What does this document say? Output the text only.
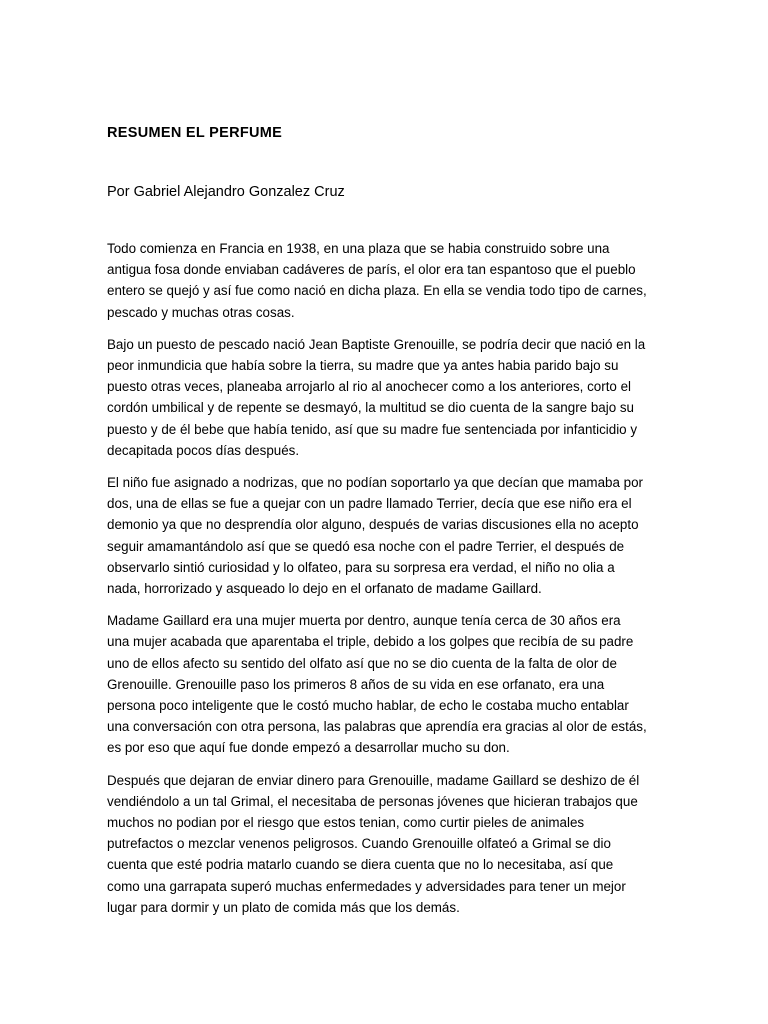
RESUMEN EL PERFUME
Por Gabriel Alejandro Gonzalez Cruz

Todo comienza en Francia en 1938, en una plaza que se habia construido sobre una
antigua fosa donde enviaban cadáveres de parís, el olor era tan espantoso que el pueblo
entero se quejó y así fue como nació en dicha plaza. En ella se vendia todo tipo de carnes,
pescado y muchas otras cosas.

Bajo un puesto de pescado nació Jean Baptiste Grenouille, se podría decir que nació en la
peor inmundicia que había sobre la tierra, su madre que ya antes habia parido bajo su
puesto otras veces, planeaba arrojarlo al rio al anochecer como a los anteriores, corto el
cordón umbilical y de repente se desmayó, la multitud se dio cuenta de la sangre bajo su
puesto y de él bebe que había tenido, así que su madre fue sentenciada por infanticidio y
decapitada pocos días después.

El niño fue asignado a nodrizas, que no podían soportarlo ya que decían que mamaba por
dos, una de ellas se fue a quejar con un padre llamado Terrier, decía que ese niño era el
demonio ya que no desprendía olor alguno, después de varias discusiones ella no acepto
seguir amamantándolo así que se quedó esa noche con el padre Terrier, el después de
observarlo sintió curiosidad y lo olfateo, para su sorpresa era verdad, el niño no olia a
nada, horrorizado y asqueado lo dejo en el orfanato de madame Gaillard.

Madame Gaillard era una mujer muerta por dentro, aunque tenía cerca de 30 años era
una mujer acabada que aparentaba el triple, debido a los golpes que recibía de su padre
uno de ellos afecto su sentido del olfato así que no se dio cuenta de la falta de olor de
Grenouille. Grenouille paso los primeros 8 años de su vida en ese orfanato, era una
persona poco inteligente que le costó mucho hablar, de echo le costaba mucho entablar
una conversación con otra persona, las palabras que aprendía era gracias al olor de estás,
es por eso que aquí fue donde empezó a desarrollar mucho su don.

Después que dejaran de enviar dinero para Grenouille, madame Gaillard se deshizo de él
vendiéndolo a un tal Grimal, el necesitaba de personas jóvenes que hicieran trabajos que
muchos no podian por el riesgo que estos tenian, como curtir pieles de animales
putrefactos o mezclar venenos peligrosos. Cuando Grenouille olfateó a Grimal se dio
cuenta que esté podria matarlo cuando se diera cuenta que no lo necesitaba, así que
como una garrapata superó muchas enfermedades y adversidades para tener un mejor
lugar para dormir y un plato de comida más que los demás.
